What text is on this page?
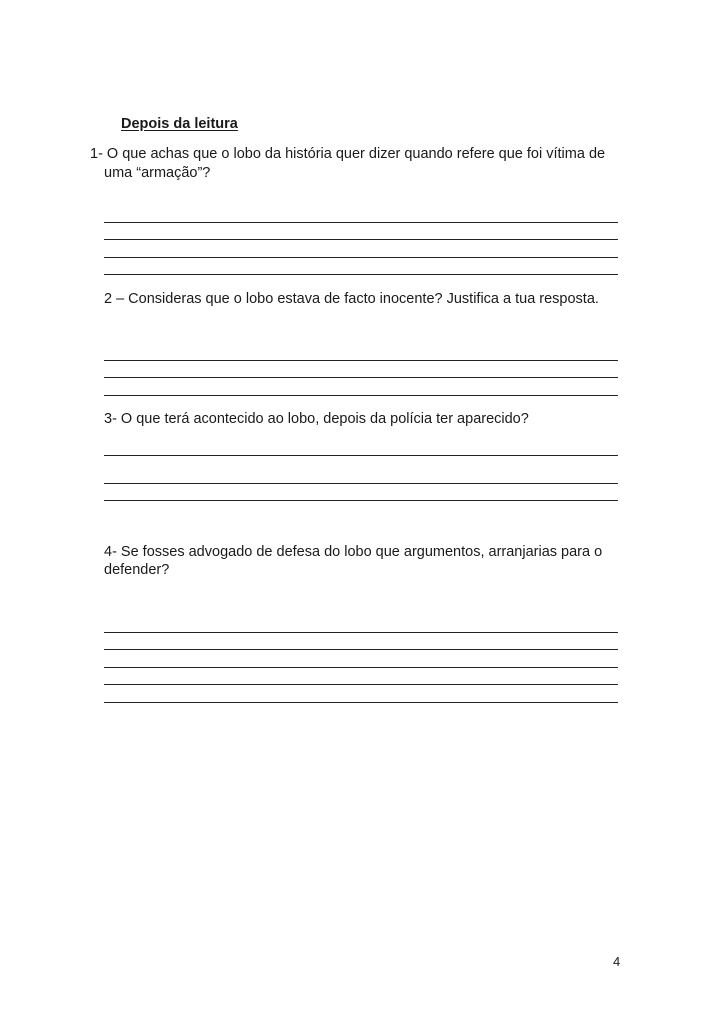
Depois da leitura
1- O que achas que o lobo da história quer dizer quando refere que foi vítima de
uma “armação”?
2 – Consideras que o lobo estava de facto inocente? Justifica a tua resposta.
3- O que terá acontecido ao lobo, depois da polícia ter aparecido?
4- Se fosses advogado de defesa do lobo que argumentos, arranjarias para o
defender?
4
